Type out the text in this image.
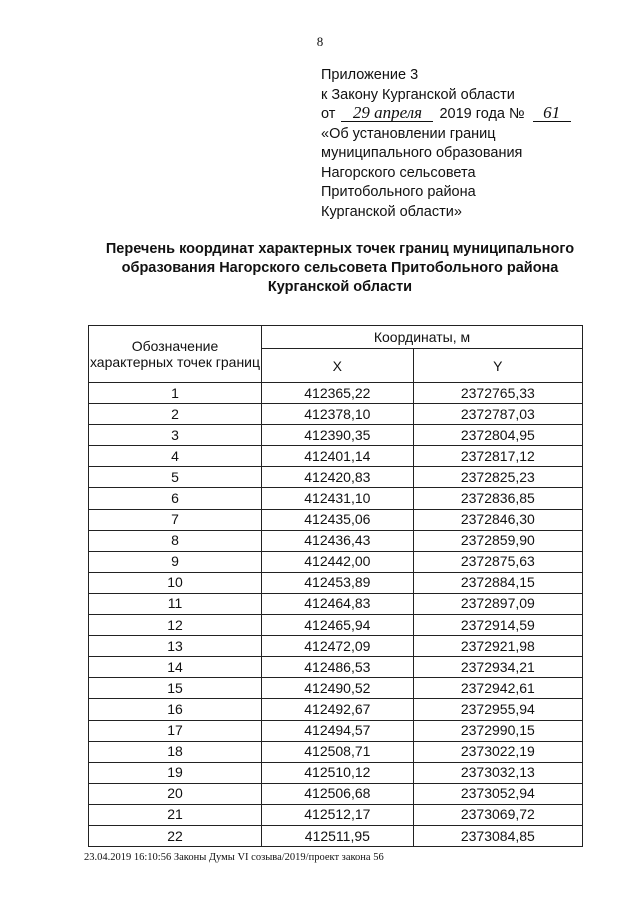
8
Приложение 3
к Закону Курганской области
от 29 апреля 2019 года № 61
«Об установлении границ
муниципального образования
Нагорского сельсовета
Притобольного района
Курганской области»
Перечень координат характерных точек границ муниципального
образования Нагорского сельсовета Притобольного района
Курганской области
Обозначение характерных точек границ	Координаты, м	
	X	Y
1	412365,22	2372765,33
2	412378,10	2372787,03
3	412390,35	2372804,95
4	412401,14	2372817,12
5	412420,83	2372825,23
6	412431,10	2372836,85
7	412435,06	2372846,30
8	412436,43	2372859,90
9	412442,00	2372875,63
10	412453,89	2372884,15
11	412464,83	2372897,09
12	412465,94	2372914,59
13	412472,09	2372921,98
14	412486,53	2372934,21
15	412490,52	2372942,61
16	412492,67	2372955,94
17	412494,57	2372990,15
18	412508,71	2373022,19
19	412510,12	2373032,13
20	412506,68	2373052,94
21	412512,17	2373069,72
22	412511,95	2373084,85
23.04.2019 16:10:56 Законы Думы VI созыва/2019/проект закона 56
